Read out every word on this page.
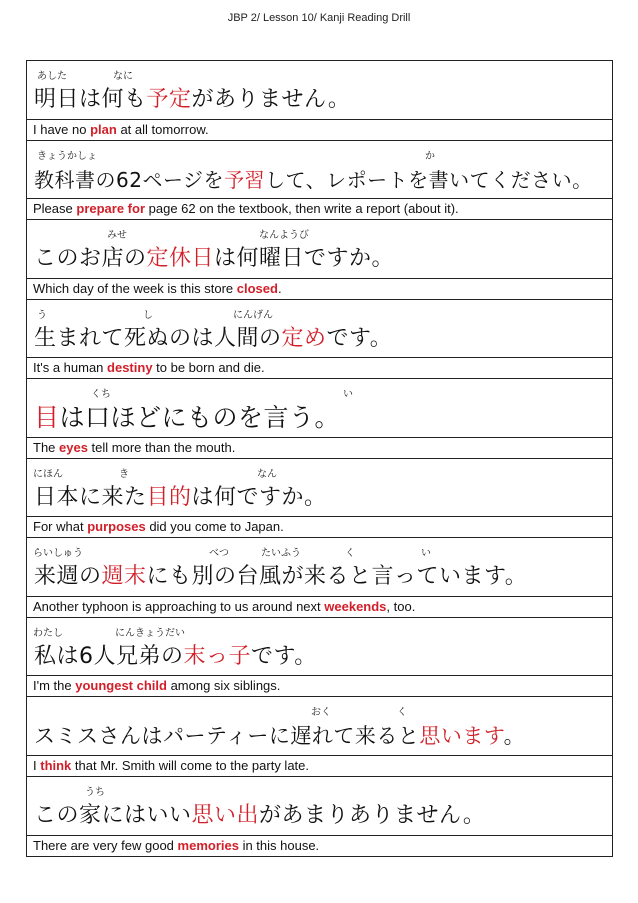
JBP 2/ Lesson 10/ Kanji Reading Drill
あした	なに
明日は何も予定がありません。
I have no plan at all tomorrow.
きょうかしょ	か
教科書の62ページを予習して、レポートを書いてください。
Please prepare for page 62 on the textbook, then write a report (about it).
みせ	なんようび
このお店の定休日は何曜日ですか。
Which day of the week is this store closed.
う	し	にんげん
生まれて死ぬのは人間の定めです。
It's a human destiny to be born and die.
くち	い
目は口ほどにものを言う。
The eyes tell more than the mouth.
にほん	き	なん
日本に来た目的は何ですか。
For what purposes did you come to Japan.
らいしゅう	べつ	たいふう	く	い
来週の週末にも別の台風が来ると言っています。
Another typhoon is approaching to us around next weekends, too.
わたし	にんきょうだい
私は6人兄弟の末っ子です。
I'm the youngest child among six siblings.
おく	く
スミスさんはパーティーに遅れて来ると思います。
I think that Mr. Smith will come to the party late.
うち
この家にはいい思い出があまりありません。
There are very few good memories in this house.
